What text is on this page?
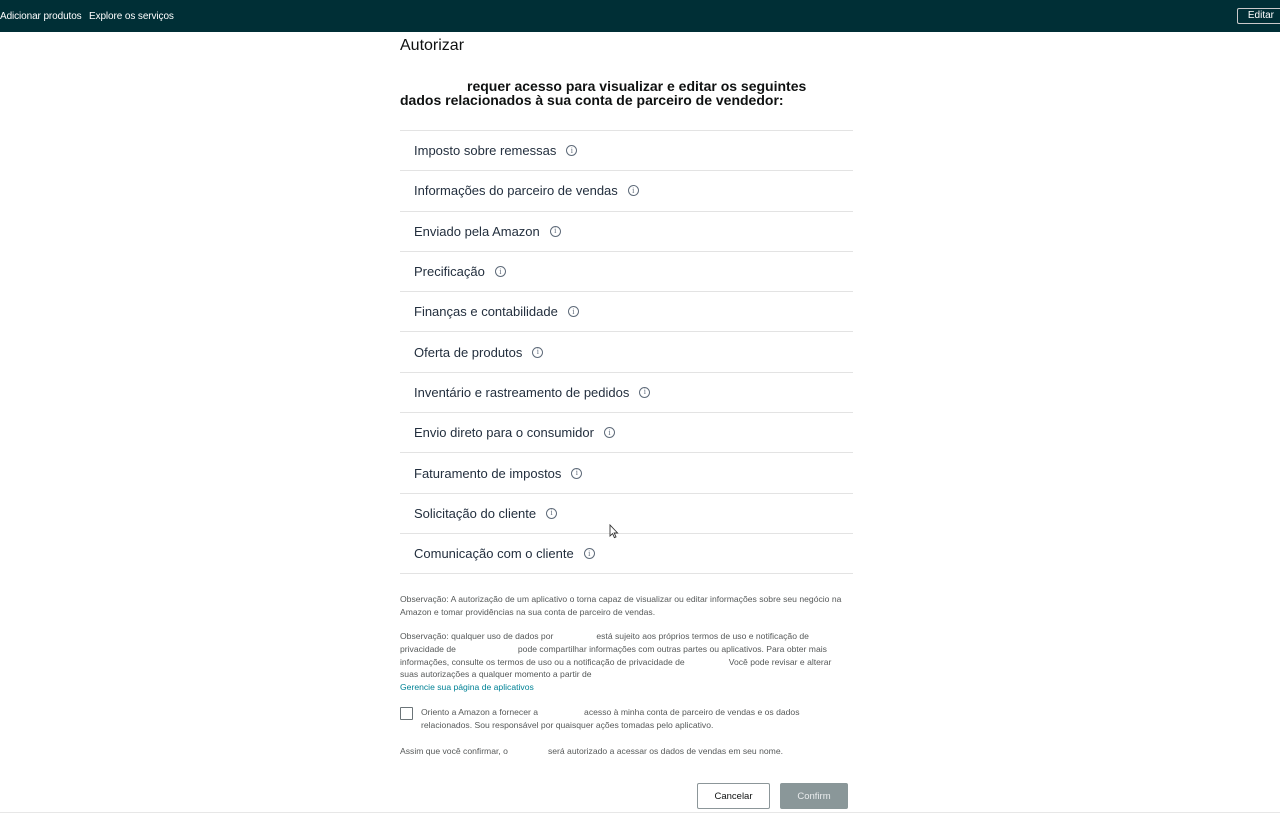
Adicionar produtos Explore os serviços	Editar
Autorizar
requer acesso para visualizar e editar os seguintes
dados relacionados à sua conta de parceiro de vendedor:
Imposto sobre remessas	i
Informações do parceiro de vendas	i
Enviado pela Amazon	i
Precificação	i
Finanças e contabilidade	i
Oferta de produtos	i
Inventário e rastreamento de pedidos	i
Envio direto para o consumidor	i
Faturamento de impostos	i
Solicitação do cliente	i
Comunicação com o cliente	i
Observação: A autorização de um aplicativo o torna capaz de visualizar ou editar informações sobre seu negócio na Amazon e tomar providências na sua conta de parceiro de vendas.
Observação: qualquer uso de dados por	está sujeito aos próprios termos de uso e notificação de privacidade de	pode compartilhar informações com outras partes ou aplicativos. Para obter mais informações, consulte os termos de uso ou a notificação de privacidade de	Você pode revisar e alterar suas autorizações a qualquer momento a partir de
Gerencie sua página de aplicativos
Oriento a Amazon a fornecer a	acesso à minha conta de parceiro de vendas e os dados relacionados. Sou responsável por quaisquer ações tomadas pelo aplicativo.
Assim que você confirmar, o	será autorizado a acessar os dados de vendas em seu nome.
Cancelar	Confirm
